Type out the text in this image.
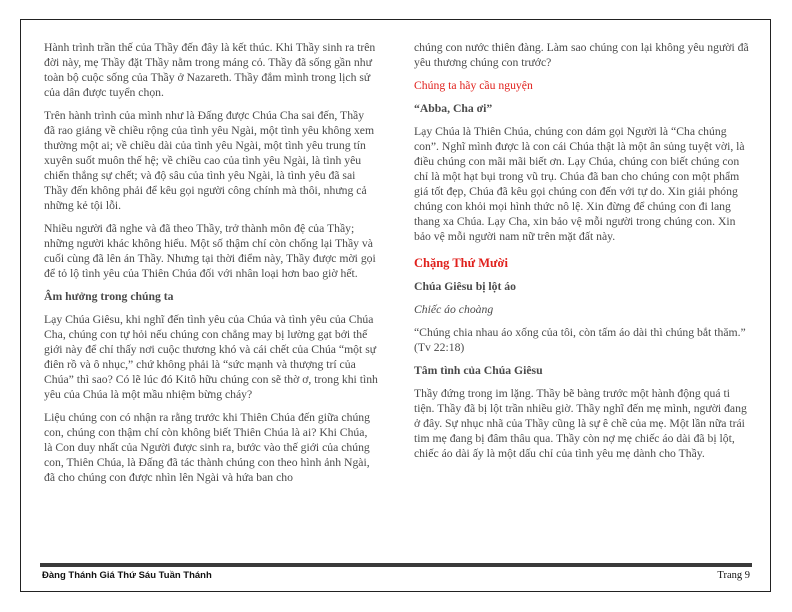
Hành trình trần thế của Thầy đến đây là kết thúc. Khi Thầy sinh ra trên đời này, mẹ Thầy đặt Thầy nằm trong máng cỏ. Thầy đã sống gần như toàn bộ cuộc sống của Thầy ở Nazareth. Thầy đắm mình trong lịch sử của dân được tuyển chọn.

Trên hành trình của mình như là Đấng được Chúa Cha sai đến, Thầy đã rao giảng về chiều rộng của tình yêu Ngài, một tình yêu không xem thường một ai; về chiều dài của tình yêu Ngài, một tình yêu trung tín xuyên suốt muôn thế hệ; về chiều cao của tình yêu Ngài, là tình yêu chiến thắng sự chết; và độ sâu của tình yêu Ngài, là tình yêu đã sai Thầy đến không phải để kêu gọi người công chính mà thôi, nhưng cả những kẻ tội lỗi.

Nhiều người đã nghe và đã theo Thầy, trở thành môn đệ của Thầy; những người khác không hiểu. Một số thậm chí còn chống lại Thầy và cuối cùng đã lên án Thầy. Nhưng tại thời điểm này, Thầy được mời gọi để tỏ lộ tình yêu của Thiên Chúa đối với nhân loại hơn bao giờ hết.

Âm hưởng trong chúng ta

Lạy Chúa Giêsu, khi nghĩ đến tình yêu của Chúa và tình yêu của Chúa Cha, chúng con tự hỏi nếu chúng con chẳng may bị lường gạt bởi thế giới này để chỉ thấy nơi cuộc thương khó và cái chết của Chúa “một sự điên rồ và ô nhục,” chứ không phải là “sức mạnh và thượng trí của Chúa” thì sao? Có lẽ lúc đó Kitô hữu chúng con sẽ thờ ơ, trong khi tình yêu của Chúa là một mầu nhiệm bừng cháy?

Liệu chúng con có nhận ra rằng trước khi Thiên Chúa đến giữa chúng con, chúng con thậm chí còn không biết Thiên Chúa là ai? Khi Chúa, là Con duy nhất của Người được sinh ra, bước vào thế giới của chúng con, Thiên Chúa, là Đấng đã tác thành chúng con theo hình ảnh Ngài, đã cho chúng con được nhìn lên Ngài và hứa ban cho

chúng con nước thiên đàng. Làm sao chúng con lại không yêu người đã yêu thương chúng con trước?

Chúng ta hãy cầu nguyện

“Abba, Cha ơi”

Lạy Chúa là Thiên Chúa, chúng con dám gọi Người là “Cha chúng con”. Nghĩ mình được là con cái Chúa thật là một ân sủng tuyệt vời, là điều chúng con mãi mãi biết ơn. Lạy Chúa, chúng con biết chúng con chỉ là một hạt bụi trong vũ trụ. Chúa đã ban cho chúng con một phẩm giá tốt đẹp, Chúa đã kêu gọi chúng con đến với tự do. Xin giải phóng chúng con khỏi mọi hình thức nô lệ. Xin đừng để chúng con đi lang thang xa Chúa. Lạy Cha, xin bảo vệ mỗi người trong chúng con. Xin bảo vệ mỗi người nam nữ trên mặt đất này.

Chặng Thứ Mười

Chúa Giêsu bị lột áo

Chiếc áo choàng

“Chúng chia nhau áo xống của tôi, còn tấm áo dài thì chúng bắt thăm.” (Tv 22:18)

Tâm tình của Chúa Giêsu

Thầy đứng trong im lặng. Thầy bẽ bàng trước một hành động quá ti tiện. Thầy đã bị lột trần nhiều giờ. Thầy nghĩ đến mẹ mình, người đang ở đây. Sự nhục nhã của Thầy cũng là sự ê chề của mẹ. Một lần nữa trái tim mẹ đang bị đâm thâu qua. Thầy còn nợ mẹ chiếc áo dài đã bị lột, chiếc áo dài ấy là một dấu chỉ của tình yêu mẹ dành cho Thầy.

Đàng Thánh Giá Thứ Sáu Tuần Thánh	Trang 9
